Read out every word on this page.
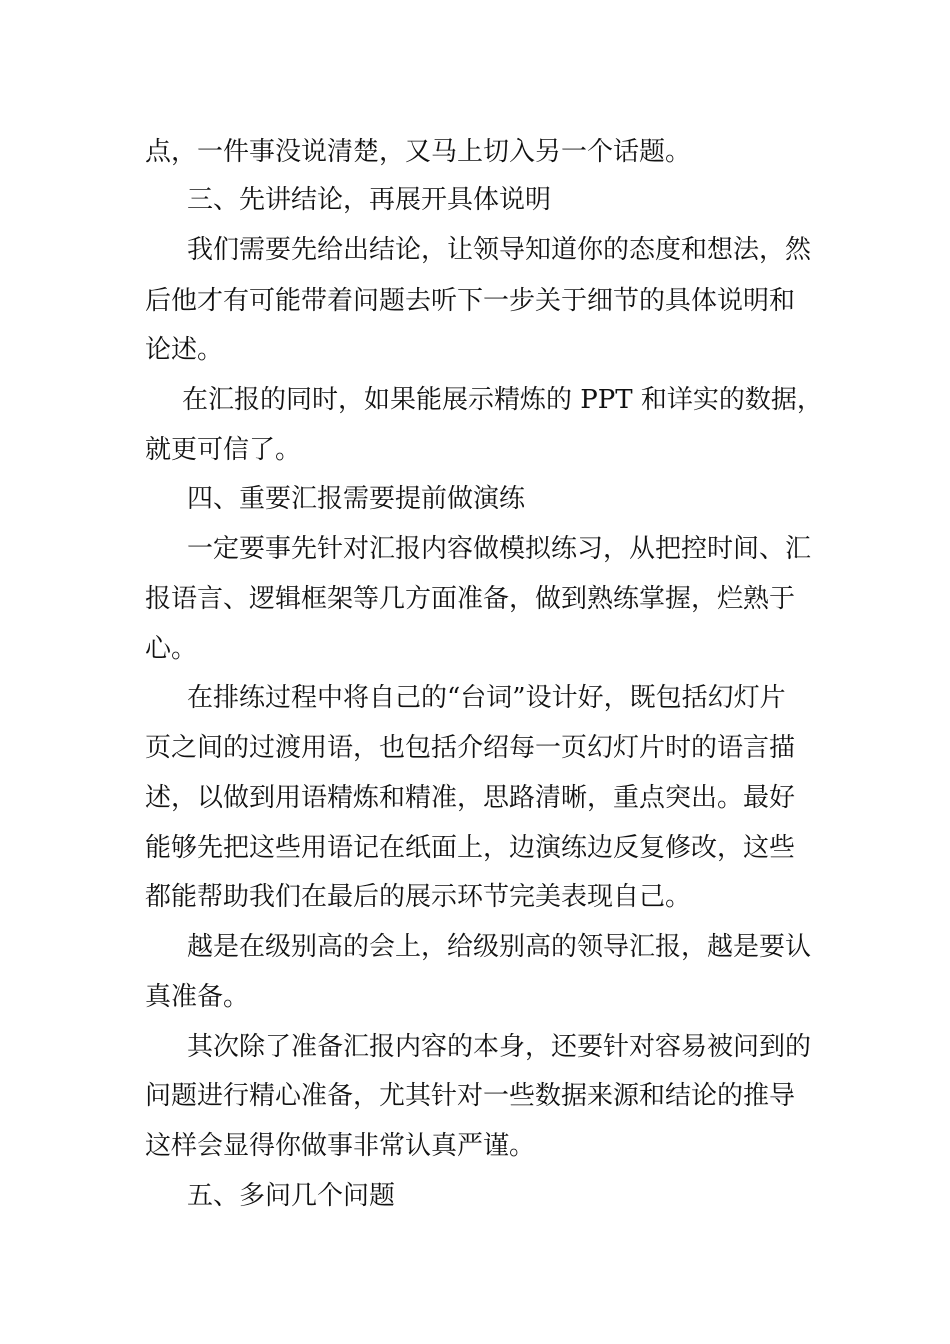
点，一件事没说清楚，又马上切入另一个话题。
三、先讲结论，再展开具体说明
我们需要先给出结论，让领导知道你的态度和想法，然
后他才有可能带着问题去听下一步关于细节的具体说明和
论述。
在汇报的同时，如果能展示精炼的 PPT 和详实的数据，
就更可信了。
四、重要汇报需要提前做演练
一定要事先针对汇报内容做模拟练习，从把控时间、汇
报语言、逻辑框架等几方面准备，做到熟练掌握，烂熟于
心。
在排练过程中将自己的“台词”设计好，既包括幻灯片
页之间的过渡用语，也包括介绍每一页幻灯片时的语言描
述，以做到用语精炼和精准，思路清晰，重点突出。最好
能够先把这些用语记在纸面上，边演练边反复修改，这些
都能帮助我们在最后的展示环节完美表现自己。
越是在级别高的会上，给级别高的领导汇报，越是要认
真准备。
其次除了准备汇报内容的本身，还要针对容易被问到的
问题进行精心准备，尤其针对一些数据来源和结论的推导
这样会显得你做事非常认真严谨。
五、多问几个问题
